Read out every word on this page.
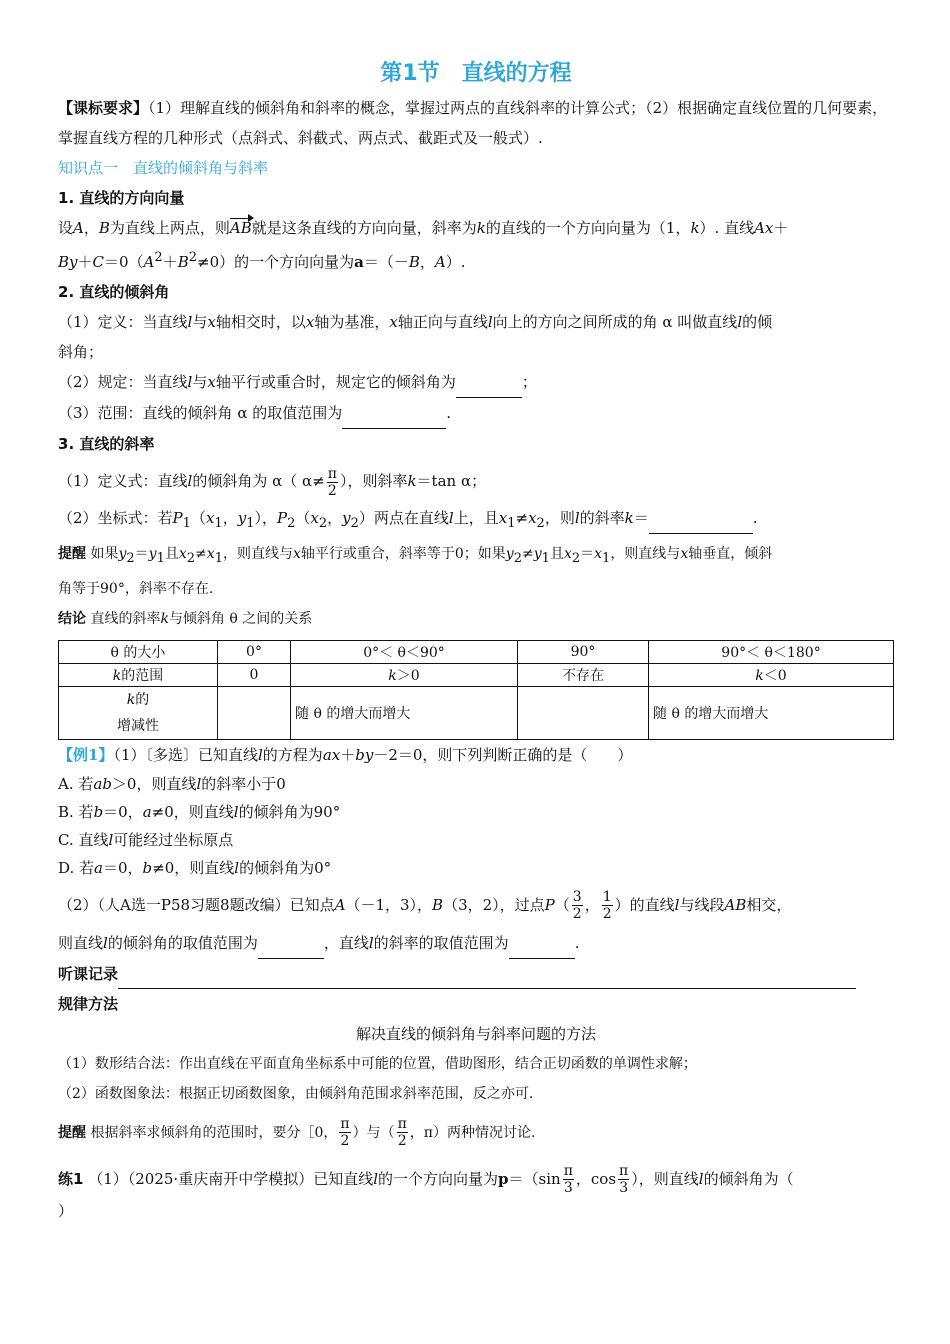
第1节　直线的方程

【课标要求】（1）理解直线的倾斜角和斜率的概念，掌握过两点的直线斜率的计算公式；（2）根据确定直线位置的几何要素，掌握直线方程的几种形式（点斜式、斜截式、两点式、截距式及一般式）.

知识点一　直线的倾斜角与斜率

1. 直线的方向向量

设A，B为直线上两点，则AB就是这条直线的方向向量，斜率为k的直线的一个方向向量为（1，k）. 直线Ax＋
$By+C=0(A^2+B^2\ne 0)$的一个方向向量为a＝（－B，A）.

2. 直线的倾斜角

（1）定义：当直线l与x轴相交时，以x轴为基准，x轴正向与直线l向上的方向之间所成的角 α 叫做直线l的倾
斜角；

（2）规定：当直线l与x轴平行或重合时，规定它的倾斜角为	；

（3）范围：直线的倾斜角 α 的取值范围为	.

3. 直线的斜率

（1）定义式：直线l的倾斜角为 α（ $\alpha\ne \frac{\pi}{2}$ ），则斜率k＝tan α；

（2）坐标式：若$P_1(x_1$，$y_1$），$P_2(x_2$，$y_2$）两点在直线l上，且$x_1\ne x_2$，则l的斜率k＝	.

提醒 如果$y_2=y_1$且$x_2\ne x_1$，则直线与x轴平行或重合，斜率等于0；如果$y_2\ne y_1$且$x_2=x_1$，则直线与x轴垂直，倾斜
角等于90°，斜率不存在.

结论 直线的斜率k与倾斜角 θ 之间的关系

θ 的大小	0°	0°＜ θ＜90°	90°	90°＜ θ＜180°
k的范围	0	k＞0	不存在	k＜0
k的
增减性		随 θ 的增大而增大		随 θ 的增大而增大

【例1】（1）〔多选〕已知直线l的方程为ax＋by－2＝0，则下列判断正确的是（　　）

A. 若ab＞0，则直线l的斜率小于0

B. 若b＝0，a≠0，则直线l的倾斜角为90°

C. 直线l可能经过坐标原点

D. 若a＝0，b≠0，则直线l的倾斜角为0°

（2）（人A选一P58习题8题改编）已知点A（－1，3），B（3，2），过点$P( \frac{3}{2}$ ， $\frac{1}{2}$ ）的直线l与线段AB相交，

则直线l的倾斜角的取值范围为	，直线l的斜率的取值范围为	.

听课记录

规律方法

解决直线的倾斜角与斜率问题的方法

（1）数形结合法：作出直线在平面直角坐标系中可能的位置，借助图形，结合正切函数的单调性求解；

（2）函数图象法：根据正切函数图象，由倾斜角范围求斜率范围，反之亦可.

提醒 根据斜率求倾斜角的范围时，要分［0， $\frac{\pi}{2}$ ）与（ $\frac{\pi}{2}$ ，π）两种情况讨论.

练1 （1）（2025·重庆南开中学模拟）已知直线l的一个方向向量为$p=(\sin \frac{\pi}{3}$ ，$\cos \frac{\pi}{3}$ ），则直线l的倾斜角为（

）
